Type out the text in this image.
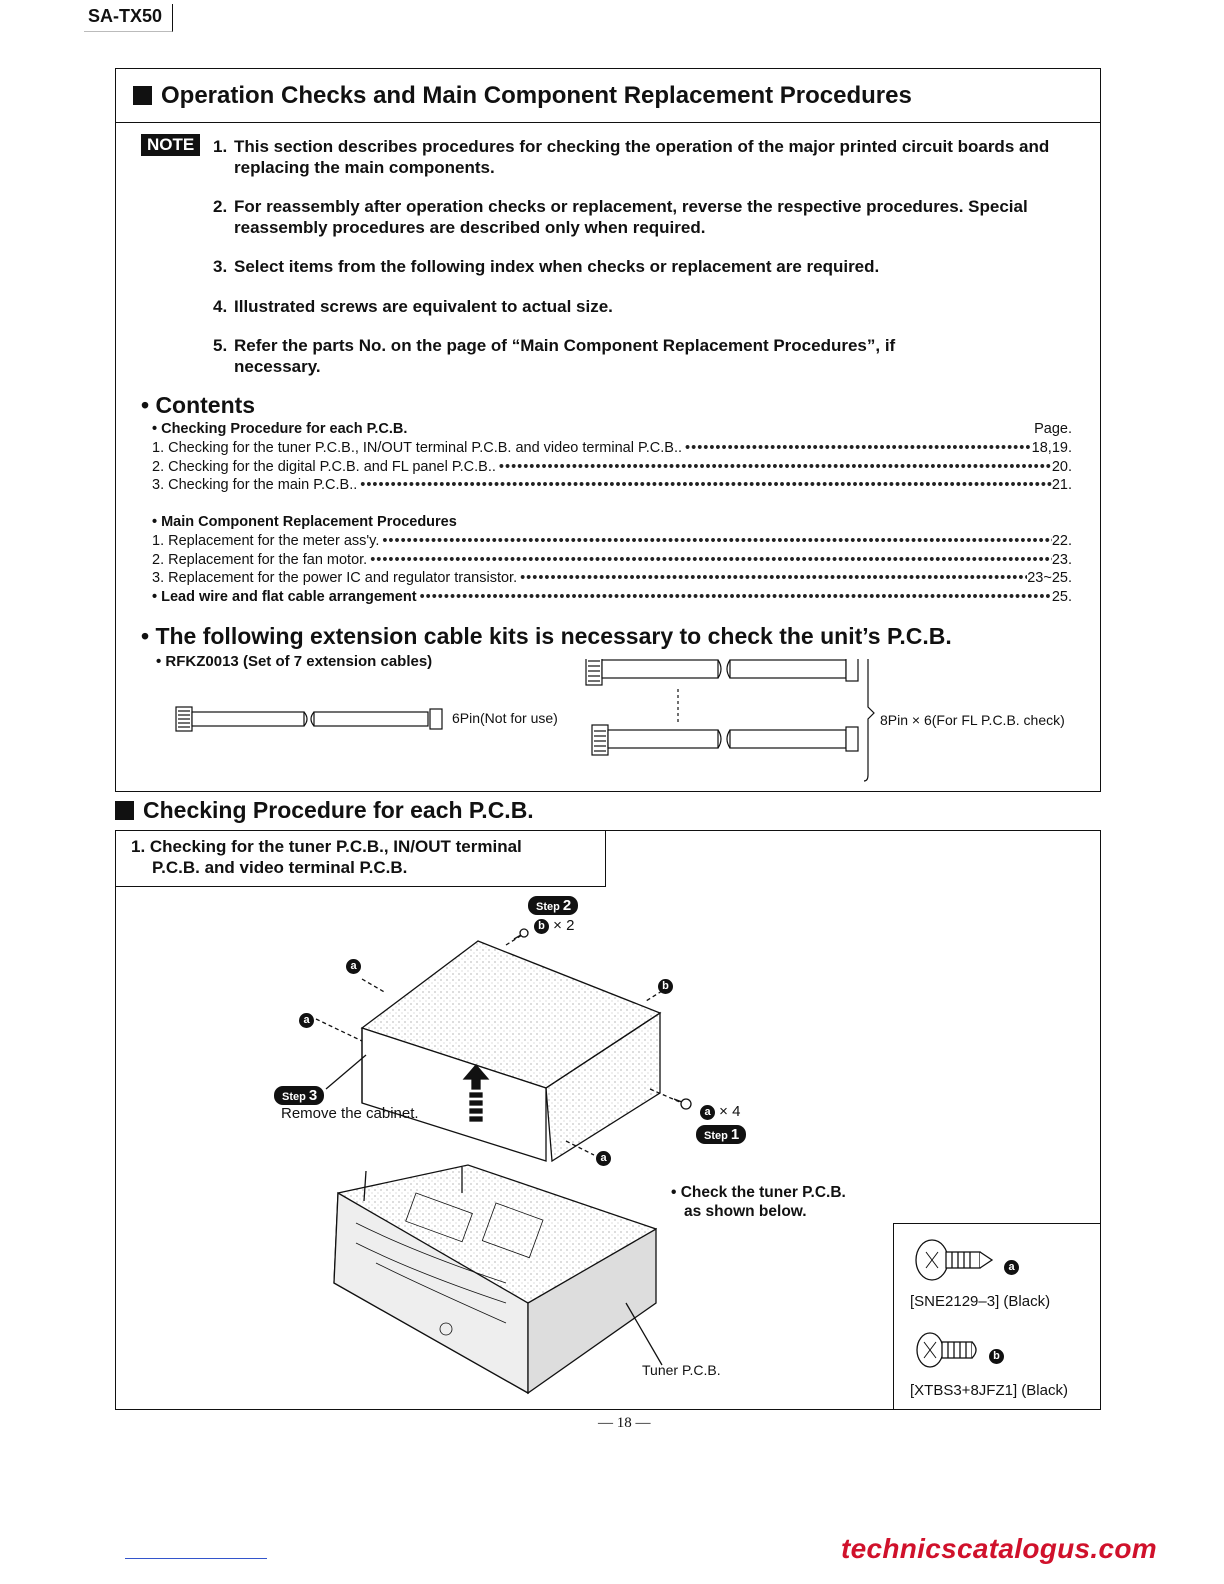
SA-TX50
Operation Checks and Main Component Replacement Procedures
NOTE	1. This section describes procedures for checking the operation of the major printed circuit boards and replacing the main components.
2. For reassembly after operation checks or replacement, reverse the respective procedures. Special reassembly procedures are described only when required.
3. Select items from the following index when checks or replacement are required.
4. Illustrated screws are equivalent to actual size.
5. Refer the parts No. on the page of “Main Component Replacement Procedures”, if necessary.
• Contents
• Checking Procedure for each P.C.B.	Page.
1. Checking for the tuner P.C.B., IN/OUT terminal P.C.B. and video terminal P.C.B.. •••••	18,19.
2. Checking for the digital P.C.B. and FL panel P.C.B.. •••••	20.
3. Checking for the main P.C.B.. •••••	21.
• Main Component Replacement Procedures
1. Replacement for the meter ass'y. •••••	22.
2. Replacement for the fan motor. •••••	23.
3. Replacement for the power IC and regulator transistor. •••••	23~25.
• Lead wire and flat cable arrangement •••••	25.
• The following extension cable kits is necessary to check the unit’s P.C.B.
• RFKZ0013 (Set of 7 extension cables)
6Pin(Not for use)	8Pin × 6(For FL P.C.B. check)
Checking Procedure for each P.C.B.
1. Checking for the tuner P.C.B., IN/OUT terminal
P.C.B. and video terminal P.C.B.
Step 2
b × 2
a
a
b
a
Step 3
Remove the cabinet.	a × 4
Step 1
• Check the tuner P.C.B.
as shown below.
Tuner P.C.B.
a
[SNE2129–3] (Black)
b
[XTBS3+8JFZ1] (Black)
— 18 —
technicscatalogus.com
